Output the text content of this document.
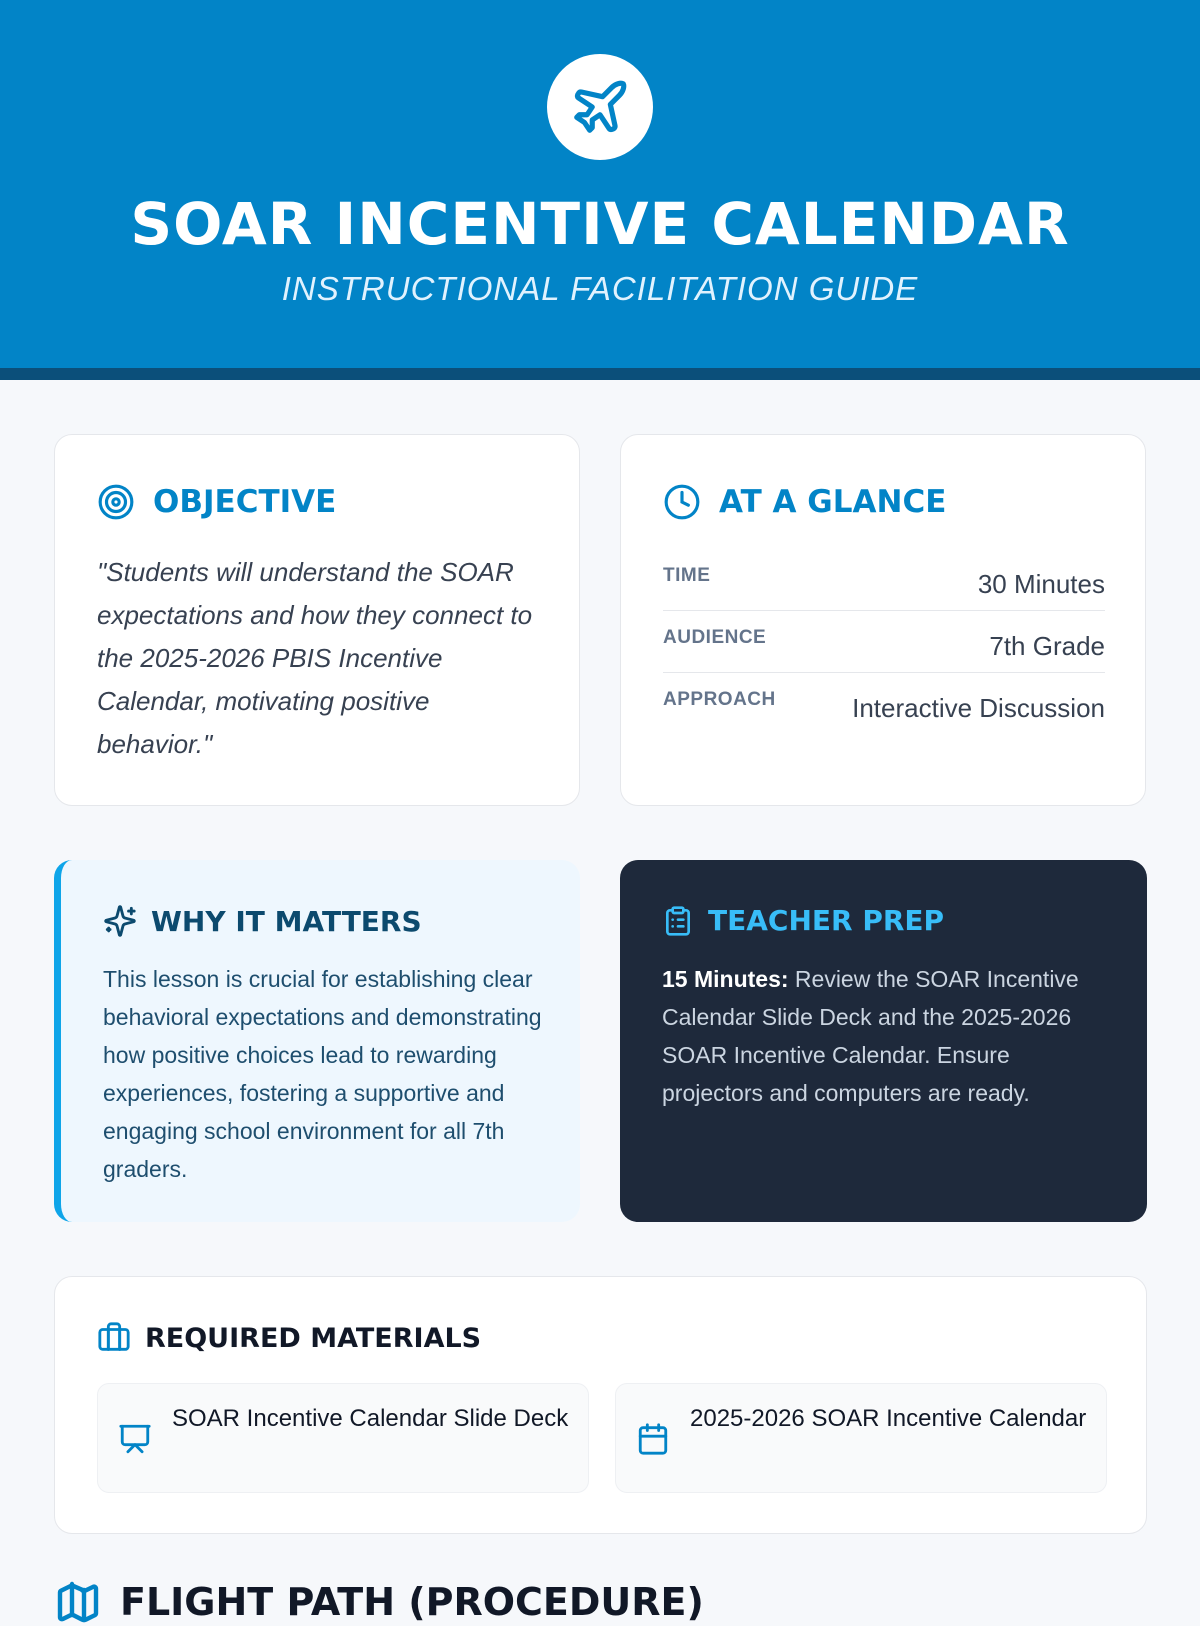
SOAR INCENTIVE CALENDAR
INSTRUCTIONAL FACILITATION GUIDE
OBJECTIVE
"Students will understand the SOAR expectations and how they connect to the 2025-2026 PBIS Incentive Calendar, motivating positive behavior."
AT A GLANCE
TIME	30 Minutes
AUDIENCE	7th Grade
APPROACH	Interactive Discussion
WHY IT MATTERS
This lesson is crucial for establishing clear behavioral expectations and demonstrating how positive choices lead to rewarding experiences, fostering a supportive and engaging school environment for all 7th graders.
TEACHER PREP
15 Minutes: Review the SOAR Incentive Calendar Slide Deck and the 2025-2026 SOAR Incentive Calendar. Ensure projectors and computers are ready.
REQUIRED MATERIALS
SOAR Incentive Calendar Slide Deck	2025-2026 SOAR Incentive Calendar
FLIGHT PATH (PROCEDURE)
